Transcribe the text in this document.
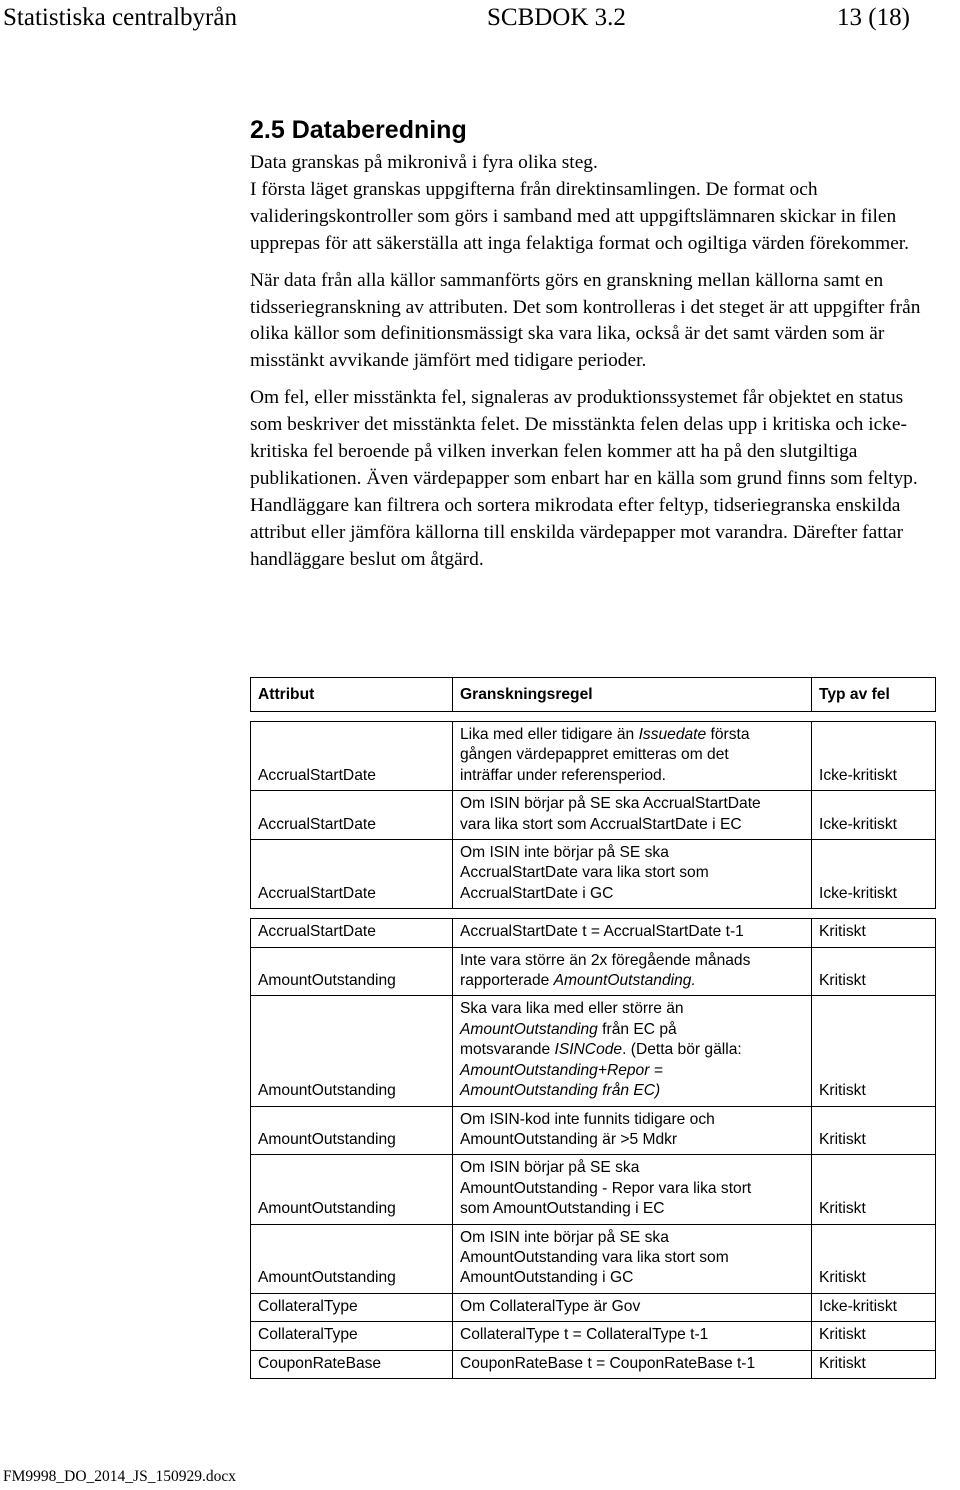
Statistiska centralbyrån	SCBDOK 3.2	13 (18)
2.5 Databeredning

Data granskas på mikronivå i fyra olika steg.

I första läget granskas uppgifterna från direktinsamlingen. De format och valideringskontroller som görs i samband med att uppgiftslämnaren skickar in filen upprepas för att säkerställa att inga felaktiga format och ogiltiga värden förekommer.

När data från alla källor sammanförts görs en granskning mellan källorna samt en tidsseriegranskning av attributen. Det som kontrolleras i det steget är att uppgifter från olika källor som definitionsmässigt ska vara lika, också är det samt värden som är misstänkt avvikande jämfört med tidigare perioder.

Om fel, eller misstänkta fel, signaleras av produktionssystemet får objektet en status som beskriver det misstänkta felet. De misstänkta felen delas upp i kritiska och icke-kritiska fel beroende på vilken inverkan felen kommer att ha på den slutgiltiga publikationen. Även värdepapper som enbart har en källa som grund finns som feltyp. Handläggare kan filtrera och sortera mikrodata efter feltyp, tidseriegranska enskilda attribut eller jämföra källorna till enskilda värdepapper mot varandra. Därefter fattar handläggare beslut om åtgärd.

Attribut	Granskningsregel	Typ av fel

AccrualStartDate	Lika med eller tidigare än Issuedate första
gången värdepappret emitteras om det
inträffar under referensperiod.	Icke-kritiskt
AccrualStartDate	Om ISIN börjar på SE ska AccrualStartDate
vara lika stort som AccrualStartDate i EC	Icke-kritiskt
AccrualStartDate	Om ISIN inte börjar på SE ska
AccrualStartDate vara lika stort som
AccrualStartDate i GC	Icke-kritiskt

AccrualStartDate	AccrualStartDate t = AccrualStartDate t-1	Kritiskt
AmountOutstanding	Inte vara större än 2x föregående månads
rapporterade AmountOutstanding.	Kritiskt
AmountOutstanding	Ska vara lika med eller större än
AmountOutstanding från EC på
motsvarande ISINCode. (Detta bör gälla:
AmountOutstanding+Repor =
AmountOutstanding från EC)	Kritiskt
AmountOutstanding	Om ISIN-kod inte funnits tidigare och
AmountOutstanding är >5 Mdkr	Kritiskt
AmountOutstanding	Om ISIN börjar på SE ska
AmountOutstanding - Repor vara lika stort
som AmountOutstanding i EC	Kritiskt
AmountOutstanding	Om ISIN inte börjar på SE ska
AmountOutstanding vara lika stort som
AmountOutstanding i GC	Kritiskt
CollateralType	Om CollateralType är Gov	Icke-kritiskt
CollateralType	CollateralType t = CollateralType t-1	Kritiskt
CouponRateBase	CouponRateBase t = CouponRateBase t-1	Kritiskt
FM9998_DO_2014_JS_150929.docx
